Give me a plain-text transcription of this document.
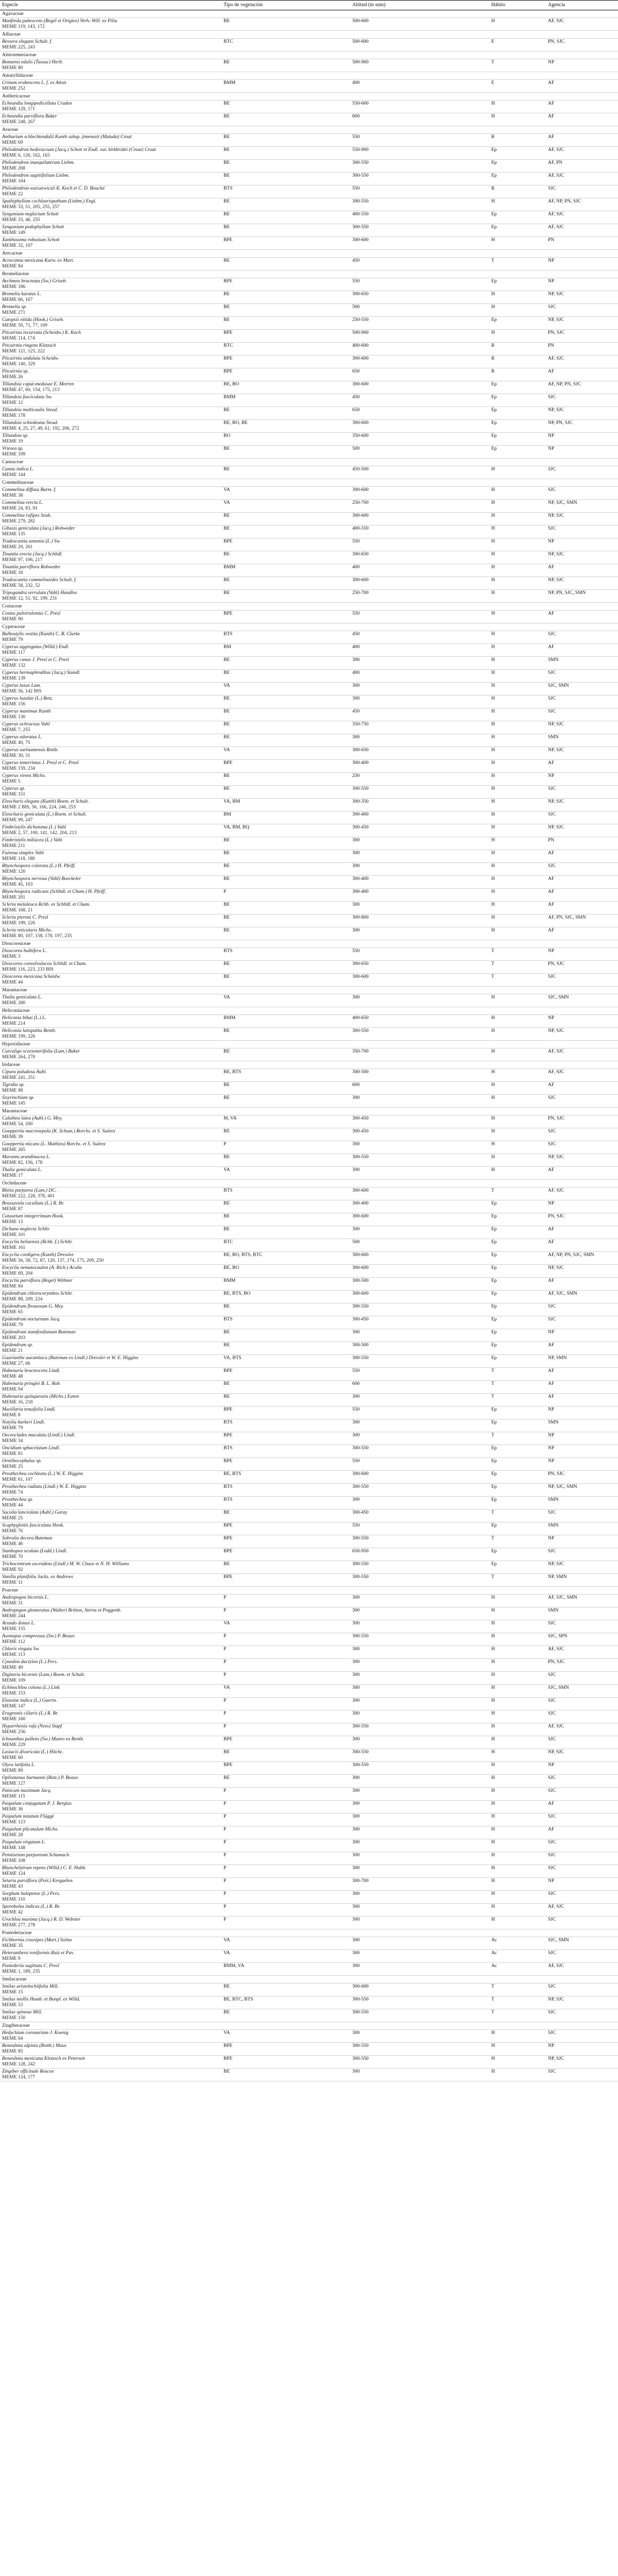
Especie	Tipo de vegetación	Altitud (m snm)	Hábito	Agencia
Agavaceae				
Manfreda pubescens (Regel et Ortgies) Verh.-Will. ex Pilia
MEME 119, 143, 172	BE	500-600	H	AF, SJC
Alliaceae				
Bessera elegans Schult. f.
MEME 225, 243	BTC	500-600	E	PN, SJC
Alstroemeriaceae				
Bomarea edulis (Tussac) Herb.
MEME 80	BE	500-900	T	NP
Amaryllidaceae				
Crinum erubescens L. f. ex Aiton
MEME 252	BMM	400	E	AF
Anthericaceae				
Echeandia longipedicellata Cruden
MEME 129, 171	BE	550-600	H	AF
Echeandia parviflora Baker
MEME 248, 267	BE	600	H	AF
Araceae				
Anthurium schlechtendalii Kunth subsp. jimenezii (Matuda) Croat
MEME 69	BE	550	R	AF
Philodendron hederaceum (Jacq.) Schott et Endl. var. kirkbridei (Croat) Croat
MEME 6, 126, 162, 163	BE	550-900	Ep	AF, SJC
Philodendron inaequilaterum Liebm.
MEME 268	BE	300-550	Ep	AF, PN
Philodendron sagittifolium Liebm.
MEME 104	BE	300-550	Ep	AF, SJC
Philodendron warszewiczii K. Koch et C. D. Bouché
MEME 22	BTS	550	R	SJC
Spathiphyllum cochlearispathum (Liebm.) Engl.
MEME 33, 51, 205, 255, 257	BE	300-550	H	AF, NP, PN, SJC
Syngonium neglectum Schott
MEME 33, 46, 255	BE	400-550	Ep	AF, SJC
Syngonium podophyllum Schott
MEME 149	BE	300-550	Ep	AF, SJC
Xanthosoma robustum Schott
MEME 32, 107	BPE	300-600	H	PN
Arecaceae				
Acrocomia mexicana Karw. ex Mart.
MEME 84	BE	450	T	NP
Bromeliaceae				
Aechmea bracteata (Sw.) Griseb.
MEME 186	BPE	550	Ep	NP
Bromelia karatas L.
MEME 66, 167	BE	300-650	H	NP, SJC
Bromelia sp.
MEME 271	BE	500	H	SJC
Catopsis nitida (Hook.) Griseb.
MEME 59, 71, 77, 109	BE	250-550	Ep	NP, SJC
Pitcairnia recurvata (Scheidw.) K. Koch
MEME 114, 174	BPE	500-900	H	PN, SJC
Pitcairnia ringens Klotzsch
MEME 121, 125, 222	BTC	400-600	R	PN
Pitcairnia undulata Scheidw.
MEME 140, 329	BPE	300-600	R	AF, SJC
Pitcairnia sp.
MEME 26	BPE	650	R	AF
Tillandsia caput-medusae E. Morren
MEME 47, 60, 154, 175, 213	BE, BO	300-600	Ep	AF, NP, PN, SJC
Tillandsia fasciculata Sw.
MEME 12	BMM	450	Ep	SJC
Tillandsia multicaulis Steud.
MEME 178	BE	650	Ep	NP, SJC
Tillandsia schiedeana Steud.
MEME 4, 25, 27, 49, 61, 192, 206, 272	BE, BO, BE	300-600	Ep	NP, PN, SJC
Tillandsia sp.
MEME 19	BO	350-600	Ep	NP
Vriesea sp.
MEME 199	BE	500	Ep	NP
Cannaceae				
Canna indica L.
MEME 144	BE	450-500	H	SJC
Commelinaceae				
Commelina diffusa Burm. f.
MEME 38	VA	300-600	H	SJC
Commelina erecta L.
MEME 24, 83, 91	VA	250-700	H	NP, SJC, SMN
Commelina rufipes Seub.
MEME 279, 282	BE	300-600	H	NP, SJC
Gibasis geniculata (Jacq.) Rohweder
MEME 135	BE	400-550	H	SJC
Tradescantia zanonia (L.) Sw.
MEME 29, 261	BPE	550	H	NP
Tinantia erecta (Jacq.) Schltdl.
MEME 97, 106, 217	BE	300-650	H	NP, SJC
Tinantia parviflora Rohweder
MEME 18	BMM	400	H	AF
Tradescantia commelinoides Schult. f.
MEME 58, 232, 52	BE	300-600	H	NP, SJC
Tripogandra serrulata (Vahl) Handlos
MEME 12, 51, 92, 199, 231	BE	250-700	H	NP, PN, SJC, SMN
Costaceae				
Costus pulverulentus C. Presl
MEME 90	BPE	550	H	AF
Cyperaceae				
Bulbostylis vestita (Kunth) C. B. Clarke
MEME 79	BTS	450	H	SJC
Cyperus aggregatus (Willd.) Endl.
MEME 117	BM	400	H	AF
Cyperus canus J. Presl et C. Presl
MEME 132	BE	300	H	SMN
Cyperus hermaphroditus (Jacq.) Standl.
MEME 139	BE	400	H	SJC
Cyperus laxus Lam.
MEME 56, 142 BIS	VA	300	H	SJC, SMN
Cyperus luzulae (L.) Retz.
MEME 156	BE	300	H	SJC
Cyperus manimae Kunth
MEME 130	BE	450	H	SJC
Cyperus ochraceus Vahl
MEME 7, 255	BE	350-750	H	NP, SJC
Cyperus odoratus L.
MEME 40, 75	BE	300	H	SMN
Cyperus surinamensis Rottb.
MEME 30, 31	VA	300-650	H	NP, SJC
Cyperus tenerrimus J. Presl et C. Presl
MEME 159, 234	BPE	300-400	H	AF
Cyperus virens Michx.
MEME 5	BE	250	H	NP
Cyperus sp.
MEME 151	BE	300-550	H	SJC
Eleocharis elegans (Kunth) Roem. et Schult.
MEME 2 BIS, 56, 166, 224, 246, 253	VA, BM	300-350	H	NP, SJC
Eleocharis geniculata (L.) Roem. et Schult.
MEME 99, 247	BM	300-400	H	SJC
Fimbristylis dichotoma (L.) Vahl
MEME 2, 57, 100, 141, 142, 204, 213	VA, BM, BQ	300-450	H	NP, SJC
Fimbristylis miliacea (L.) Vahl
MEME 211	BE	300	H	PN
Fuirena simplex Vahl
MEME 118, 180	BE	300	H	AF
Rhynchospora colorata (L.) H. Pfeiff.
MEME 120	BE	300	H	SJC
Rhynchospora nervosa (Vahl) Boeckeler
MEME 45, 103	BE	300-400	H	AF
Rhynchospora radicans (Schltdl. et Cham.) H. Pfeiff.
MEME 201	P	300-400	H	AF
Scleria melaleuca Rchb. ex Schltdl. et Cham.
MEME 168, 21	BE	300	H	AF
Scleria pterota C. Presl
MEME 199, 226	BE	300-800	H	AF, PN, SJC, SMN
Scleria reticularis Michx.
MEME 80, 107, 158, 178, 197, 235	BE	300	H	AF
Dioscoreaceae				
Dioscorea bulbifera L.
MEME 3	BTS	550	T	NP
Dioscorea convolvulacea Schltdl. et Cham.
MEME 116, 223, 233 BIS	BE	300-650	T	PN, SJC
Dioscorea mexicana Scheidw.
MEME 44	BE	300-600	T	SJC
Marantaceae				
Thalia geniculata L.
MEME 280	VA	300	H	SJC, SMN
Heliconiaceae				
Heliconia bihai (L.) L.
MEME 214	BMM	400-650	H	NP
Heliconia latispatha Benth.
MEME 199, 226	BE	300-550	H	NP, SJC
Hypoxidaceae				
Curculigo scorzonerifolia (Lam.) Baker
MEME 264, 270	BE	350-700	H	AF, SJC
Iridaceae				
Cipura paludosa Aubl.
MEME 241, 251	BE, BTS	300-500	H	AF, SJC
Tigridia sp.
MEME 98	BE	600	H	AF
Sisyrinchium sp.
MEME 145	BE	300	H	SJC
Marantaceae				
Calathea lutea (Aubl.) G. Mey.
MEME 54, 200	M, VA	300-450	H	PN, SJC
Goeppertia macrosepala (K. Schum.) Borchs. et S. Suárez
MEME 39	BE	300-450	H	SJC
Goeppertia micans (L. Mathieu) Borchs. et S. Suárez
MEME 265	P	300	H	SJC
Maranta arundinacea L.
MEME 82, 156, 178	BE	300-550	H	NP, SJC
Thalia geniculata L.
MEME 17	VA	300	H	AF
Orchidaceae				
Bletia purpurea (Lam.) DC.
MEME 222, 228, 378, 401	BTS	300-600	T	AF, SJC
Brassavola cucullata (L.) R. Br.
MEME 87	BE	300-400	Ep	NP
Catasetum integerrimum Hook.
MEME 13	BE	300-600	Ep	PN, SJC
Dichaea neglecta Schltr.
MEME 101	BE	300	Ep	AF
Encyclia belizensis (Rchb. f.) Schltr.
MEME 161	BTC	500	Ep	AF
Encyclia cordigera (Kunth) Dressler
MEME 56, 58, 72, 87, 120, 137, 174, 175, 209, 250	BE, BO, BTS, BTC	300-600	Ep	AF, NP, PN, SJC, SMN
Encyclia nematocaulon (A. Rich.) Acuña
MEME 69, 204	BE, BO	300-600	Ep	NP, SJC
Encyclia parviflora (Regel) Withner
MEME 84	BMM	300-500	Ep	AF
Epidendrum chlorocorymbos Schltr.
MEME 88, 209, 224	BE, BTS, BO	300-600	Ep	AF, SJC, SMN
Epidendrum flexuosum G. Mey.
MEME 65	BE	300-550	Ep	SJC
Epidendrum nocturnum Jacq.
MEME 79	BTS	300-450	Ep	SJC
Epidendrum stamfordianum Bateman
MEME 203	BE	300	Ep	NP
Epidendrum sp.
MEME 21	BE	300-500	Ep	AF
Guarianthe aurantiaca (Bateman ex Lindl.) Dressler et W. E. Higgins
MEME 27, 66	VA, BTS	300-550	Ep	NP, SMN
Habenaria bractescens Lindl.
MEME 48	BPE	550	T	AF
Habenaria pringlei B. L. Rob.
MEME 94	BE	600	T	AF
Habenaria quinqueseta (Michx.) Eaton
MEME 16, 218	BE	300	T	AF
Maxillaria tenuifolia Lindl.
MEME 8	BPE	550	Ep	NP
Notylia barkeri Lindl.
MEME 79	BTS	300	Ep	SMN
Oeceoclades maculata (Lindl.) Lindl.
MEME 34	BPE	300	T	NP
Oncidium sphacelatum Lindl.
MEME 81	BTS	300-550	Ep	NP
Ornithocephalus sp.
MEME 25	BPE	550	Ep	NP
Prosthechea cochleata (L.) W. E. Higgins
MEME 61, 107	BE, BTS	300-600	Ep	PN, SJC
Prosthechea radiata (Lindl.) W. E. Higgins
MEME 74	BTS	300-550	Ep	NP, SJC, SMN
Prosthechea sp.
MEME 44	BTS	300	Ep	SMN
Sacoila lanceolata (Aubl.) Garay
MEME 25	BE	300-450	T	SJC
Scaphyglottis fasciculata Hook.
MEME 76	BPE	550	Ep	SMN
Sobralia decora Bateman
MEME 46	BPE	300-550	T	NP
Stanhopea oculata (Lodd.) Lindl.
MEME 70	BPE	650-950	Ep	SJC
Trichocentrum ascendens (Lindl.) M. W. Chase et N. H. Williams
MEME 92	BE	300-550	Ep	NP, SJC
Vanilla planifolia Jacks. ex Andrews
MEME 11	BPE	300-550	T	NP, SMN
Poaceae				
Andropogon bicornis L.
MEME 31	P	300	H	AF, SJC, SMN
Andropogon glomeratus (Walter) Britton, Sterns et Poggenb.
MEME 244	P	300	H	SMN
Arundo donax L.
MEME 155	VA	300	H	SJC
Axonopus compressus (Sw.) P. Beauv.
MEME 112	P	300-550	H	SJC, SPN
Chloris virgata Sw.
MEME 113	P	300	H	AF, SJC
Cynodon dactylon (L.) Pers.
MEME 49	P	300	H	PN, SJC
Digitaria bicornis (Lam.) Roem. et Schult.
MEME 109	P	300	H	SJC
Echinochloa colona (L.) Link
MEME 153	VA	300	H	SJC, SMN
Eleusine indica (L.) Gaertn.
MEME 147	P	300	H	SJC
Eragrostis ciliaris (L.) R. Br.
MEME 160	P	300	H	SJC
Hyparrhenia rufa (Nees) Stapf
MEME 256	P	300-550	H	AF, SJC
Ichnanthus pallens (Sw.) Munro ex Benth.
MEME 229	BPE	300	H	SJC
Lasiacis divaricata (L.) Hitchc.
MEME 60	BE	300-550	H	NP, SJC
Olyra latifolia L.
MEME 89	BPE	300-550	H	NP
Oplismenus burmanni (Retz.) P. Beauv.
MEME 127	BE	300	H	SJC
Panicum maximum Jacq.
MEME 115	P	300	H	SJC
Paspalum conjugatum P. J. Bergius
MEME 36	P	300	H	AF
Paspalum notatum Flüggé
MEME 123	P	300	H	SJC
Paspalum plicatulum Michx.
MEME 28	P	300	H	AF
Paspalum virgatum L.
MEME 148	P	300	H	SJC
Pennisetum purpureum Schumach.
MEME 108	P	300	H	SJC
Rhynchelytrum repens (Willd.) C. E. Hubb.
MEME 124	P	300	H	SJC
Setaria parviflora (Poir.) Kerguélen
MEME 43	P	300-700	H	NP
Sorghum halepense (L.) Pers.
MEME 110	P	300	H	SJC
Sporobolus indicus (L.) R. Br.
MEME 42	P	300	H	AF, SJC
Urochloa maxima (Jacq.) R. D. Webster
MEME 277, 278	P	300	H	SJC
Pontederiaceae				
Eichhornia crassipes (Mart.) Solms
MEME 35	VA	300	Ac	SJC, SMN
Heteranthera reniformis Ruiz et Pav.
MEME 9	VA	300	Ac	SJC
Pontederia sagittata C. Presl
MEME 1, 189, 235	BMM, VA	300	Ac	AF, SJC
Smilacaceae				
Smilax aristolochiifolia Mill.
MEME 15	BE	300-600	T	SJC
Smilax mollis Humb. et Bonpl. ex Willd.
MEME 53	BE, BTC, BTS	300-550	T	NP, SJC
Smilax spinosa Mill.
MEME 150	BE	300-550	T	SJC
Zingiberaceae				
Hedychium coronarium J. Koenig
MEME 64	VA	300	H	SJC
Renealmia alpinia (Rottb.) Maas
MEME 85	BPE	300-550	H	NP
Renealmia mexicana Klotzsch ex Petersen
MEME 128, 242	BPE	300-550	H	NP, SJC
Zingiber officinale Roscoe
MEME 124, 177	BE	300	H	SJC
